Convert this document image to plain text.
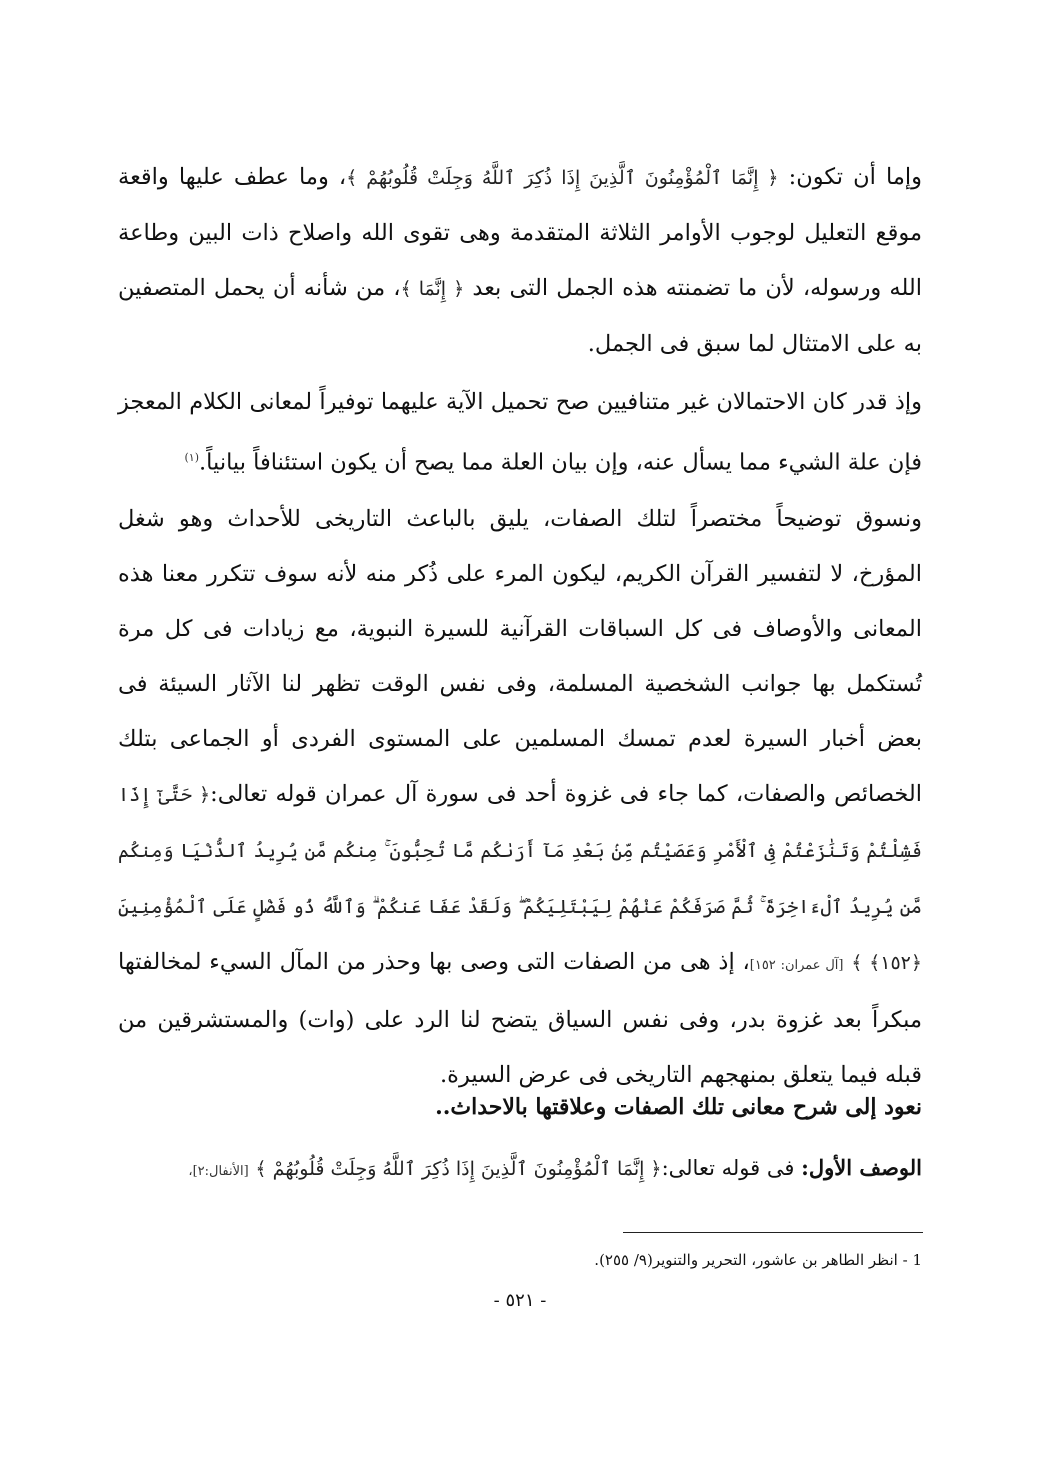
وإما أن تكون: ﴿ إِنَّمَا ٱلْمُؤْمِنُونَ ٱلَّذِينَ إِذَا ذُكِرَ ٱللَّهُ وَجِلَتْ قُلُوبُهُمْ ﴾، وما عطف عليها واقعة موقع التعليل لوجوب الأوامر الثلاثة المتقدمة وهى تقوى الله واصلاح ذات البين وطاعة الله ورسوله، لأن ما تضمنته هذه الجمل التى بعد ﴿ إِنَّمَا ﴾، من شأنه أن يحمل المتصفين به على الامتثال لما سبق فى الجمل.

وإذ قدر كان الاحتمالان غير متنافيين صح تحميل الآية عليهما توفيراً لمعانى الكلام المعجز فإن علة الشيء مما يسأل عنه، وإن بيان العلة مما يصح أن يكون استئنافاً بيانياً.$^{(١)}$

ونسوق توضيحاً مختصراً لتلك الصفات، يليق بالباعث التاريخى للأحداث وهو شغل المؤرخ، لا لتفسير القرآن الكريم، ليكون المرء على ذُكر منه لأنه سوف تتكرر معنا هذه المعانى والأوصاف فى كل السباقات القرآنية للسيرة النبوية، مع زيادات فى كل مرة تُستكمل بها جوانب الشخصية المسلمة، وفى نفس الوقت تظهر لنا الآثار السيئة فى بعض أخبار السيرة لعدم تمسك المسلمين على المستوى الفردى أو الجماعى بتلك الخصائص والصفات، كما جاء فى غزوة أحد فى سورة آل عمران قوله تعالى:﴿ حَتَّىٰٓ إِذَا فَشِلْتُمْ وَتَنَٰزَعْتُمْ فِى ٱلْأَمْرِ وَعَصَيْتُم مِّنۢ بَعْدِ مَآ أَرَىٰكُم مَّا تُحِبُّونَ ۚ مِنكُم مَّن يُرِيدُ ٱلدُّنْيَا وَمِنكُم مَّن يُرِيدُ ٱلْءَاخِرَةَ ۚ ثُمَّ صَرَفَكُمْ عَنْهُمْ لِيَبْتَلِيَكُمْ ۖ وَلَقَدْ عَفَا عَنكُمْ ۗ وَٱللَّهُ ذُو فَضْلٍ عَلَى ٱلْمُؤْمِنِينَ ﴿١٥٢﴾ ﴾ [آل عمران: ١٥٢]، إذ هى من الصفات التى وصى بها وحذر من المآل السيء لمخالفتها مبكراً بعد غزوة بدر، وفى نفس السياق يتضح لنا الرد على (وات) والمستشرقين من قبله فيما يتعلق بمنهجهم التاريخى فى عرض السيرة.

نعود إلى شرح معانى تلك الصفات وعلاقتها بالاحداث..

الوصف الأول: فى قوله تعالى:﴿ إِنَّمَا ٱلْمُؤْمِنُونَ ٱلَّذِينَ إِذَا ذُكِرَ ٱللَّهُ وَجِلَتْ قُلُوبُهُمْ ﴾ [الأنفال:٢]،

1 - انظر الطاهر بن عاشور، التحرير والتنوير(٩/ ٢٥٥).

- ٥٢١ -
